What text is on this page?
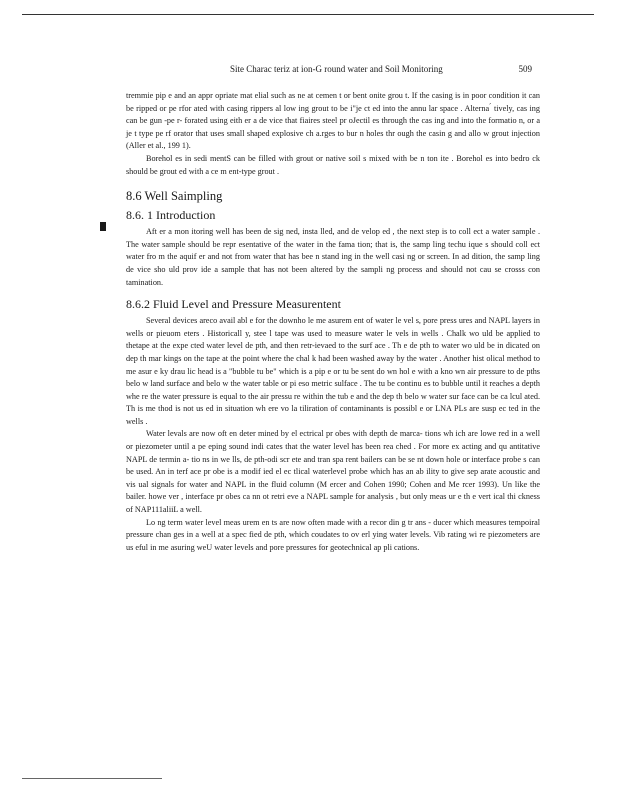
Site Charac teriz at ion-G round water and Soil Monitoring	509

tremmie pip e and an appr opriate mat elial such as ne at cemen t or bent onite grou t. If the casing is in poor condition it can be ripped or pe rfor ated with casing rippers al low ing grout to be i"je ct ed into the annu lar space . Alterna ́ tively, cas ing can be gun -pe r- forated using eith er a de vice that fiaires steel pr oJectil es through the cas ing and into the formatio n, or a je t type pe rf orator that uses small shaped explosive ch a.rges to bur n holes thr ough the casin g and allo w grout injection (Aller et al., 199 1).

Borehol es in sedi mentS can be filled with grout or native soil s mixed with be n ton ite . Borehol es into bedro ck should be grout ed with a ce m ent-type grout .

8.6 Well Saimpling
8.6. 1 Introduction

Aft er a mon itoring well has been de sig ned, insta lled, and de velop ed , the next step is to coll ect a water sample . The water sample should be repr esentative of the water in the fama tion; that is, the samp ling techu ique s should coll ect water fro m the aquif er and not from water that has bee n stand ing in the well casi ng or screen. In ad dition, the samp ling de vice sho uld prov ide a sample that has not been altered by the sampli ng process and should not cau se crosss con tamination.

8.6.2 Fluid Level and Pressure Measurentent

Several devices areco avail abl e for the downho le me asurem ent of water le vel s, pore press ures and NAPL layers in wells or pieuom eters . Historicall y, stee l tape was used to measure water le vels in wells . Chalk wo uld be applied to thetape at the expe cted water level de pth, and then retr-ievaed to the surf ace . Th e de pth to water wo uld be in dicated on dep th mar kings on the tape at the point where the chal k had been washed away by the water . Another hist olical method to me asur e ky drau lic head is a "bubble tu be" which is a pip e or tu be sent do wn hol e with a kno wn air pressure to de pths belo w land surface and belo w the water table or pi eso metric sulface . The tu be continu es to bubble until it reaches a depth whe re the water pressure is equal to the air pressu re within the tub e and the dep th belo w water sur face can be ca lcul ated. Th is me thod is not us ed in situation wh ere vo la tiliration of contaminants is possibl e or LNA PLs are susp ec ted in the wells .

Water levals are now oft en deter mined by el ectrical pr obes with depth de marca- tions wh ich are lowe red in a well or piezometer until a pe eping sound indi cates that the water level has been rea ched . For more ex acting and qu antitative NAPL de termin a- tio ns in we lls, de pth-odi scr ete and tran spa rent bailers can be se nt down hole or interface probe s can be used. An in terf ace pr obe is a modif ied el ec tlical waterlevel probe which has an ab ility to give sep arate acoustic and vis ual signals for water and NAPL in the fluid column (M ercer and Cohen 1990; Cohen and Me rcer 1993). Un like the bailer. howe ver , interface pr obes ca nn ot retri eve a NAPL sample for analysis , but only meas ur e th e vert ical thi ckness of NAP111aliiL a well.

Lo ng term water level meas urem en ts are now often made with a recor din g tr ans - ducer which measures tempoiral pressure chan ges in a well at a spec fied de pth, which coudates to ov erl ying water levels. Vib rating wi re piezometers are us eful in me asuring weU water levels and pore pressures for geotechnical ap pli cations.
